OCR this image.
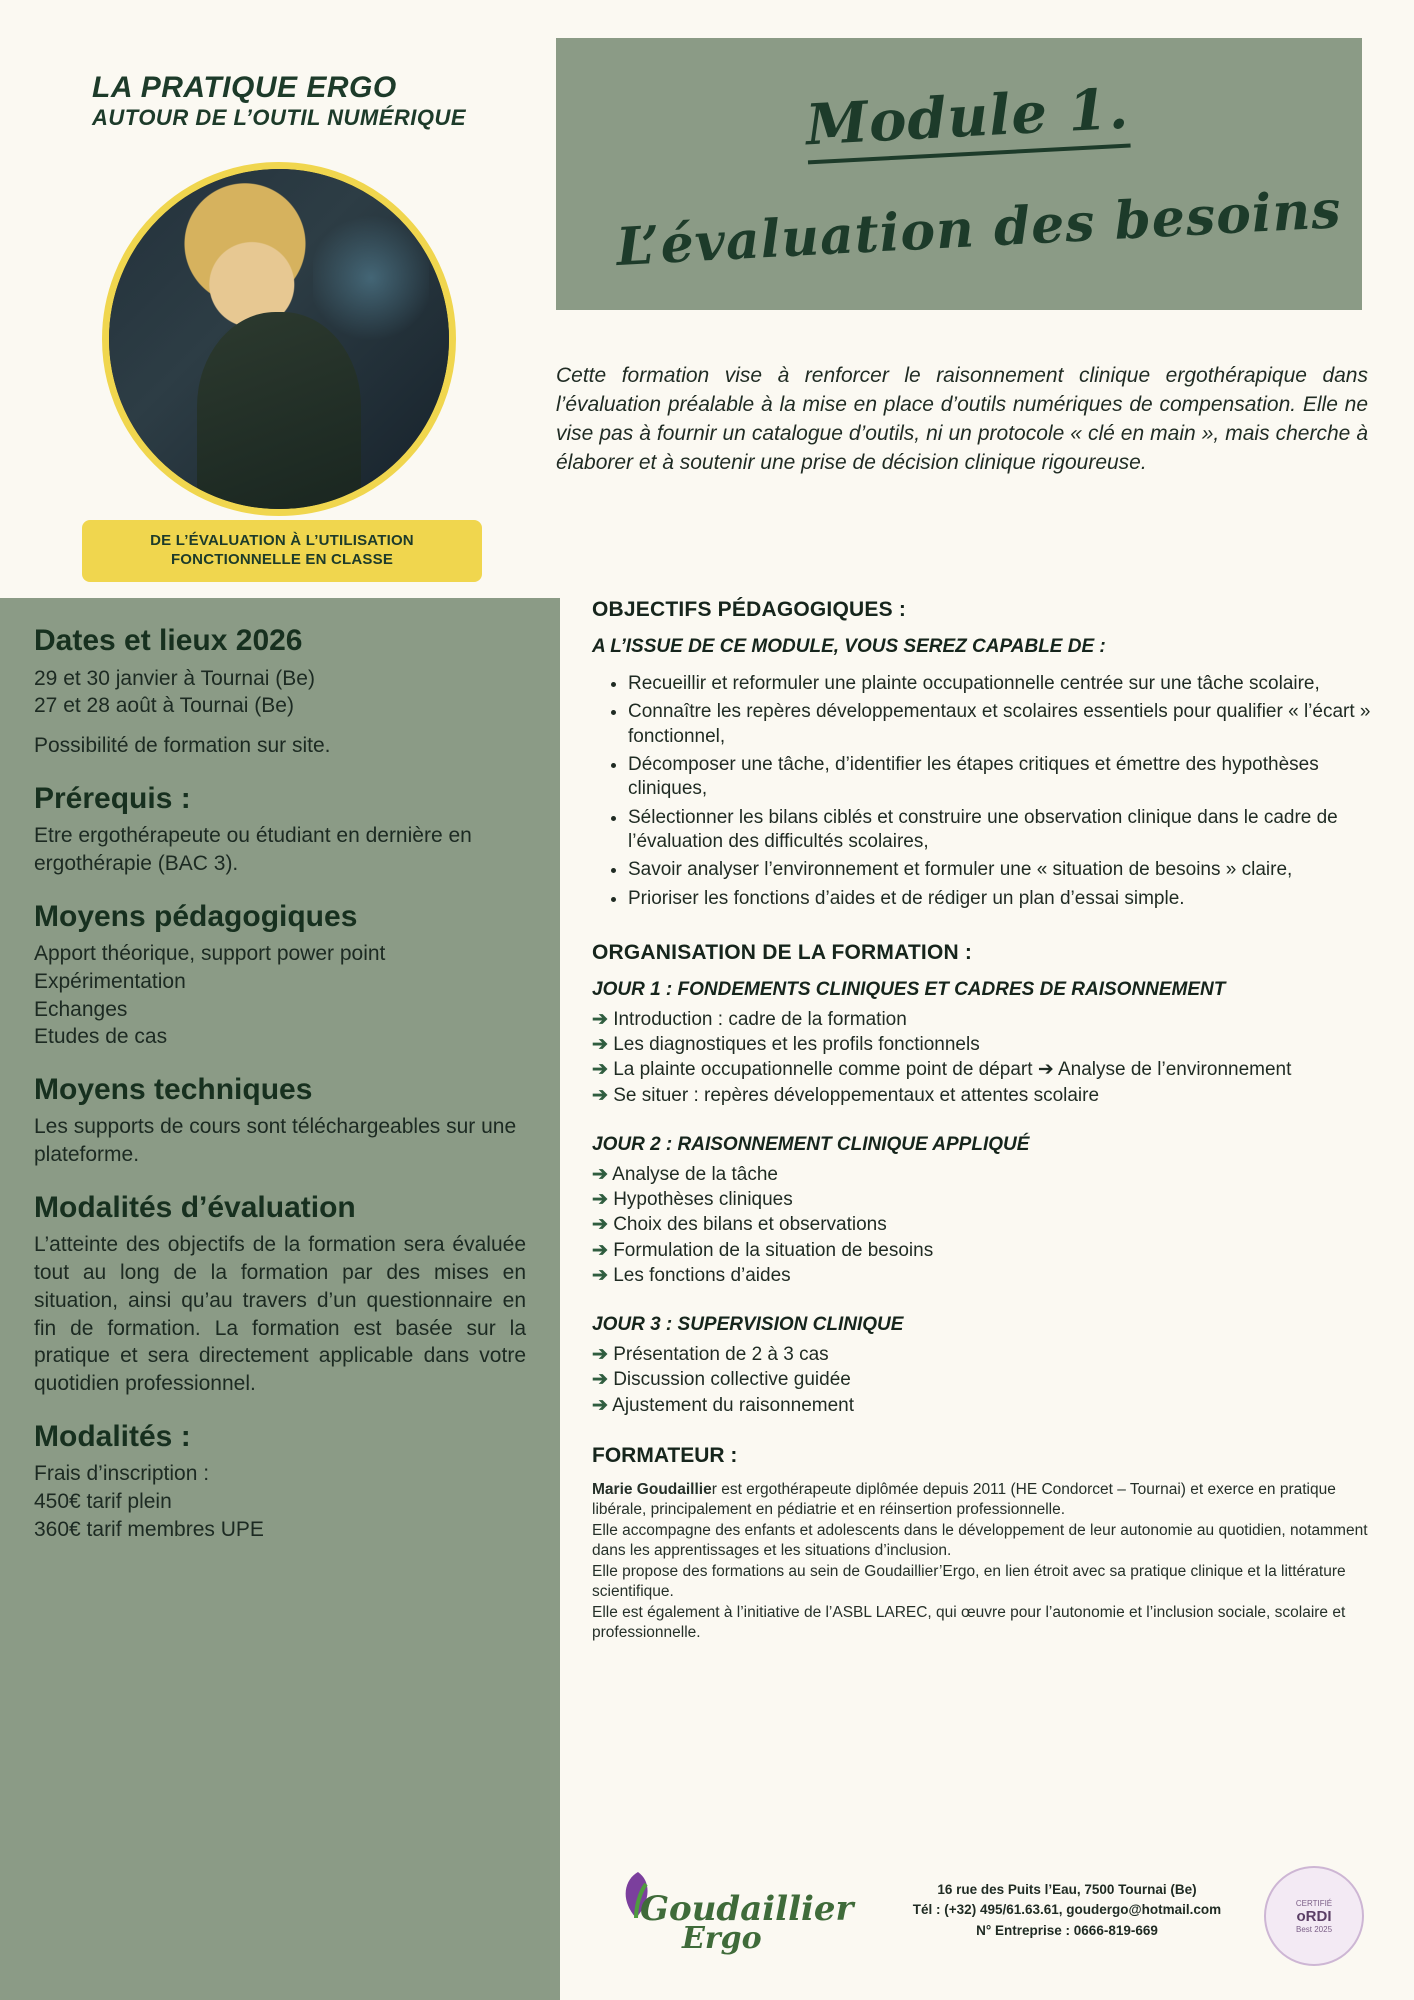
LA PRATIQUE ERGO
AUTOUR DE L’OUTIL NUMÉRIQUE
DE L’ÉVALUATION À L’UTILISATION
FONCTIONNELLE EN CLASSE
Module 1.
L’évaluation des besoins
Cette formation vise à renforcer le raisonnement clinique ergothérapique dans l’évaluation préalable à la mise en place d’outils numériques de compensation. Elle ne vise pas à fournir un catalogue d’outils, ni un protocole « clé en main », mais cherche à élaborer et à soutenir une prise de décision clinique rigoureuse.
Dates et lieux 2026

29 et 30 janvier à Tournai (Be)

27 et 28 août à Tournai (Be)

Possibilité de formation sur site.

Prérequis :

Etre ergothérapeute ou étudiant en dernière en ergothérapie (BAC 3).

Moyens pédagogiques

Apport théorique, support power point

Expérimentation

Echanges

Etudes de cas

Moyens techniques

Les supports de cours sont téléchargeables sur une plateforme.

Modalités d’évaluation

L’atteinte des objectifs de la formation sera évaluée tout au long de la formation par des mises en situation, ainsi qu’au travers d’un questionnaire en fin de formation. La formation est basée sur la pratique et sera directement applicable dans votre quotidien professionnel.

Modalités :

Frais d’inscription :

450€ tarif plein

360€ tarif membres UPE

OBJECTIFS PÉDAGOGIQUES :
A L’ISSUE DE CE MODULE, VOUS SEREZ CAPABLE DE :
• Recueillir et reformuler une plainte occupationnelle centrée sur une tâche scolaire,
• Connaître les repères développementaux et scolaires essentiels pour qualifier « l’écart » fonctionnel,
• Décomposer une tâche, d’identifier les étapes critiques et émettre des hypothèses cliniques,
• Sélectionner les bilans ciblés et construire une observation clinique dans le cadre de l’évaluation des difficultés scolaires,
• Savoir analyser l’environnement et formuler une « situation de besoins » claire,
• Prioriser les fonctions d’aides et de rédiger un plan d’essai simple.
ORGANISATION DE LA FORMATION :
JOUR 1 : FONDEMENTS CLINIQUES ET CADRES DE RAISONNEMENT

➔ Introduction : cadre de la formation

➔ Les diagnostiques et les profils fonctionnels

➔ La plainte occupationnelle comme point de départ ➔ Analyse de l’environnement

➔ Se situer : repères développementaux et attentes scolaire

JOUR 2 : RAISONNEMENT CLINIQUE APPLIQUÉ

➔ Analyse de la tâche

➔ Hypothèses cliniques

➔ Choix des bilans et observations

➔ Formulation de la situation de besoins

➔ Les fonctions d’aides

JOUR 3 : SUPERVISION CLINIQUE

➔ Présentation de 2 à 3 cas

➔ Discussion collective guidée

➔ Ajustement du raisonnement

FORMATEUR :

Marie Goudaillier est ergothérapeute diplômée depuis 2011 (HE Condorcet – Tournai) et exerce en pratique libérale, principalement en pédiatrie et en réinsertion professionnelle.

Elle accompagne des enfants et adolescents dans le développement de leur autonomie au quotidien, notamment dans les apprentissages et les situations d’inclusion.

Elle propose des formations au sein de Goudaillier’Ergo, en lien étroit avec sa pratique clinique et la littérature scientifique.

Elle est également à l’initiative de l’ASBL LAREC, qui œuvre pour l’autonomie et l’inclusion sociale, scolaire et professionnelle.

Goudaillier
Ergo
16 rue des Puits l’Eau, 7500 Tournai (Be)
Tél : (+32) 495/61.63.61, goudergo@hotmail.com
N° Entreprise : 0666-819-669
CERTIFIÉ
oRDI
Best 2025
